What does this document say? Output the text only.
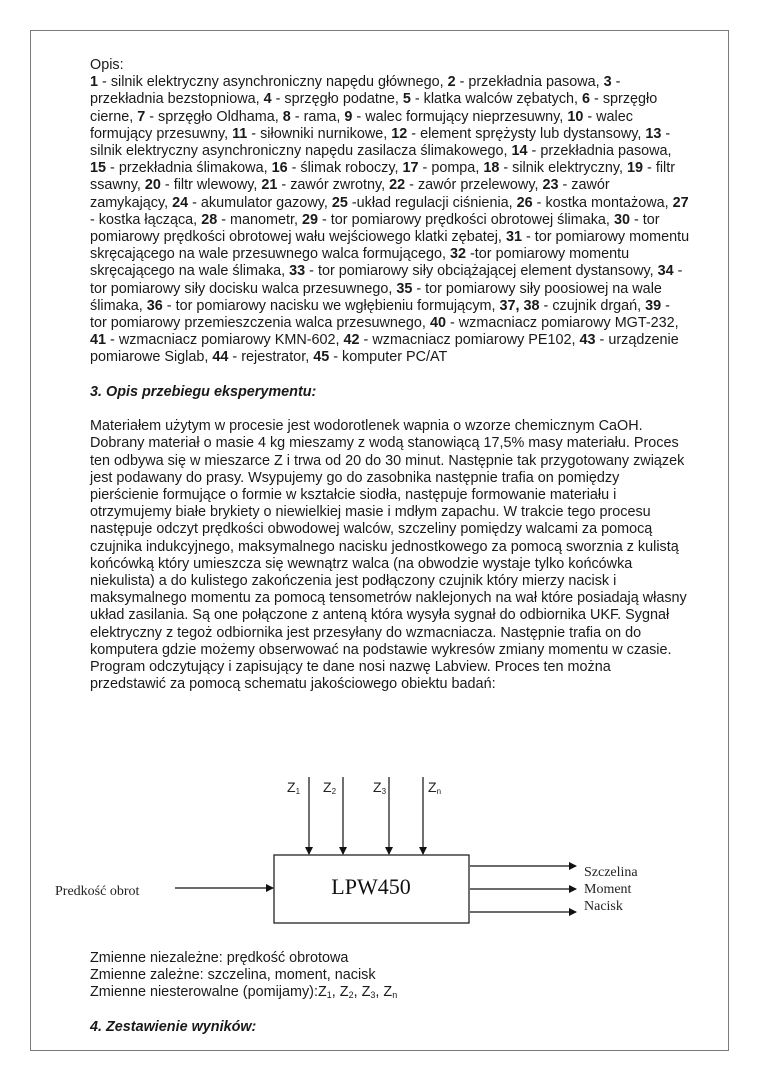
Opis:

1 - silnik elektryczny asynchroniczny napędu głównego, 2 - przekładnia pasowa, 3 - przekładnia bezstopniowa, 4 - sprzęgło podatne, 5 - klatka walców zębatych, 6 - sprzęgło cierne, 7 - sprzęgło Oldhama, 8 - rama, 9 - walec formujący nieprzesuwny, 10 - walec formujący przesuwny, 11 - siłowniki nurnikowe, 12 - element sprężysty lub dystansowy, 13 - silnik elektryczny asynchroniczny napędu zasilacza ślimakowego, 14 - przekładnia pasowa, 15 - przekładnia ślimakowa, 16 - ślimak roboczy, 17 - pompa, 18 - silnik elektryczny, 19 - filtr ssawny, 20 - filtr wlewowy, 21 - zawór zwrotny, 22 - zawór przelewowy, 23 - zawór zamykający, 24 - akumulator gazowy, 25 -układ regulacji ciśnienia, 26 - kostka montażowa, 27 - kostka łącząca, 28 - manometr, 29 - tor pomiarowy prędkości obrotowej ślimaka, 30 - tor pomiarowy prędkości obrotowej wału wejściowego klatki zębatej, 31 - tor pomiarowy momentu skręcającego na wale przesuwnego walca formującego, 32 -tor pomiarowy momentu skręcającego na wale ślimaka, 33 - tor pomiarowy siły obciążającej element dystansowy, 34 - tor pomiarowy siły docisku walca przesuwnego, 35 - tor pomiarowy siły poosiowej na wale ślimaka, 36 - tor pomiarowy nacisku we wgłębieniu formującym, 37, 38 - czujnik drgań, 39 - tor pomiarowy przemieszczenia walca przesuwnego, 40 - wzmacniacz pomiarowy MGT-232, 41 - wzmacniacz pomiarowy KMN-602, 42 - wzmacniacz pomiarowy PE102, 43 - urządzenie pomiarowe Siglab, 44 - rejestrator, 45 - komputer PC/AT

3. Opis przebiegu eksperymentu:

Materiałem użytym w procesie jest wodorotlenek wapnia o wzorze chemicznym CaOH. Dobrany materiał o masie 4 kg mieszamy z wodą stanowiącą 17,5% masy materiału. Proces ten odbywa się w mieszarce Z i trwa od 20 do 30 minut. Następnie tak przygotowany związek jest podawany do prasy. Wsypujemy go do zasobnika następnie trafia on pomiędzy pierścienie formujące o formie w kształcie siodła, następuje formowanie materiału i otrzymujemy białe brykiety o niewielkiej masie i mdłym zapachu. W trakcie tego procesu następuje odczyt prędkości obwodowej walców, szczeliny pomiędzy walcami za pomocą czujnika indukcyjnego, maksymalnego nacisku jednostkowego za pomocą sworznia z kulistą końcówką który umieszcza się wewnątrz walca (na obwodzie wystaje tylko końcówka niekulista) a do kulistego zakończenia jest podłączony czujnik który mierzy nacisk i maksymalnego momentu za pomocą tensometrów naklejonych na wał które posiadają własny układ zasilania. Są one połączone z anteną która wysyła sygnał do odbiornika UKF. Sygnał elektryczny z tegoż odbiornika jest przesyłany do wzmacniacza. Następnie trafia on do komputera gdzie możemy obserwować na podstawie wykresów zmiany momentu w czasie. Program odczytujący i zapisujący te dane nosi nazwę Labview. Proces ten można przedstawić za pomocą schematu jakościowego obiektu badań:

LPW450
Z1 Z2	Z3	Zn
Predkość obrot
Szczelina
Moment
Nacisk

Zmienne niezależne: prędkość obrotowa

Zmienne zależne: szczelina, moment, nacisk

Zmienne niesterowalne $(pomijamy):Z_1$, $Z_2$, $Z_3$, $Z_n$

4. Zestawienie wyników:
